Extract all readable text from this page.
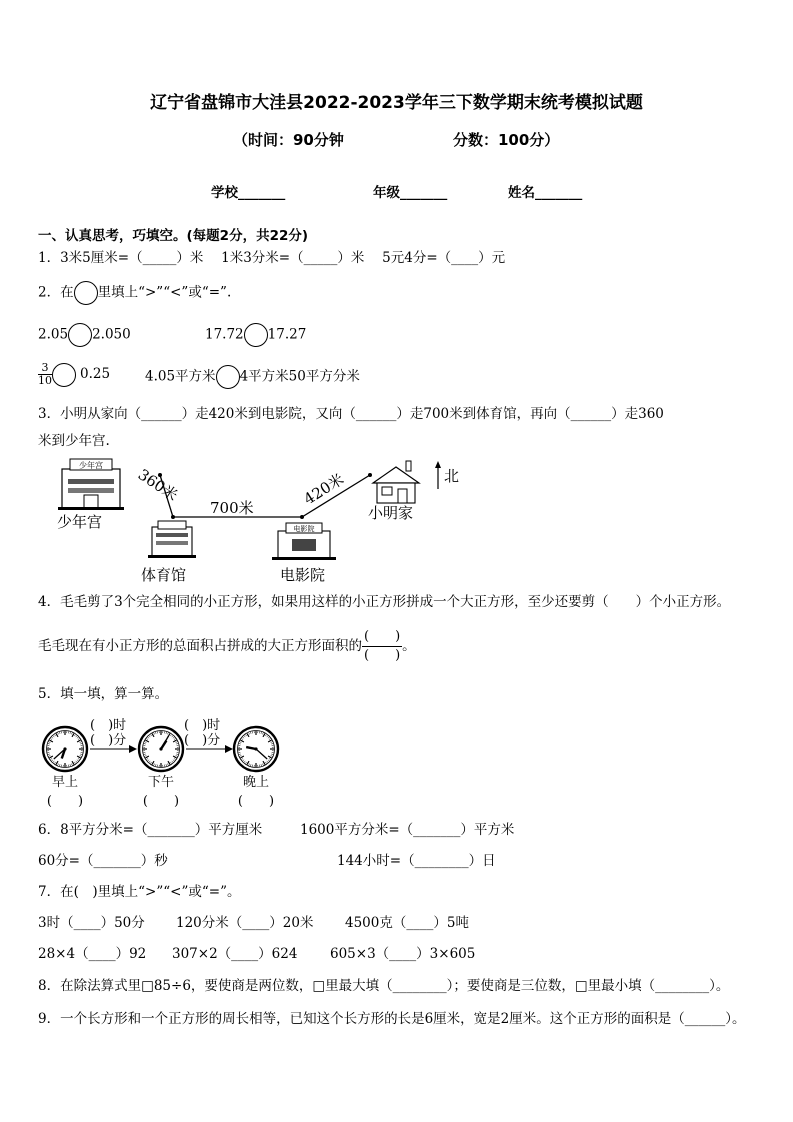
辽宁省盘锦市大洼县2022-2023学年三下数学期末统考模拟试题
（时间：90分钟	分数：100分）
学校_______	年级_______	姓名_______
一、认真思考，巧填空。(每题2分，共22分)
1．3米5厘米=（_____）米　 1米3分米=（_____）米　 5元4分=（____）元
2．在 里填上“>”“<”或“=”.
2.05 2.050	17.72 17.27
$\frac{3}{10} 0.25$	4.05平方米 4平方米50平方分米
3．小明从家向（______）走420米到电影院，又向（______）走700米到体育馆，再向（______）走360
米到少年宫.
360米
700米	420米
少年宫
少年宫
体育馆
电影院
电影院
小明家
北
4．毛毛剪了3个完全相同的小正方形，如果用这样的小正方形拼成一个大正方形，至少还要剪（　　）个小正方形。
毛毛现在有小正方形的总面积占拼成的大正方形面积的 $\frac{( )}{( )}$ 。
5．填一填，算一算。
(　)时
(　)分
(　)时
(　)分
早上	下午	晚上
(　　)	(　　)	(　　)
6．8平方分米=（_______）平方厘米	1600平方分米=（_______）平方米
60分=（_______）秒	144小时=（________）日
7．在(　)里填上“>”“<”或“=”。
3时（____）50分 120分米（____）20米 4500克（____）5吨
28×4（____）92 307×2（____）624 605×3（____）3×605
8．在除法算式里□85÷6，要使商是两位数，□里最大填（________）；要使商是三位数，□里最小填（________）。
9．一个长方形和一个正方形的周长相等，已知这个长方形的长是6厘米，宽是2厘米。这个正方形的面积是（______）。
